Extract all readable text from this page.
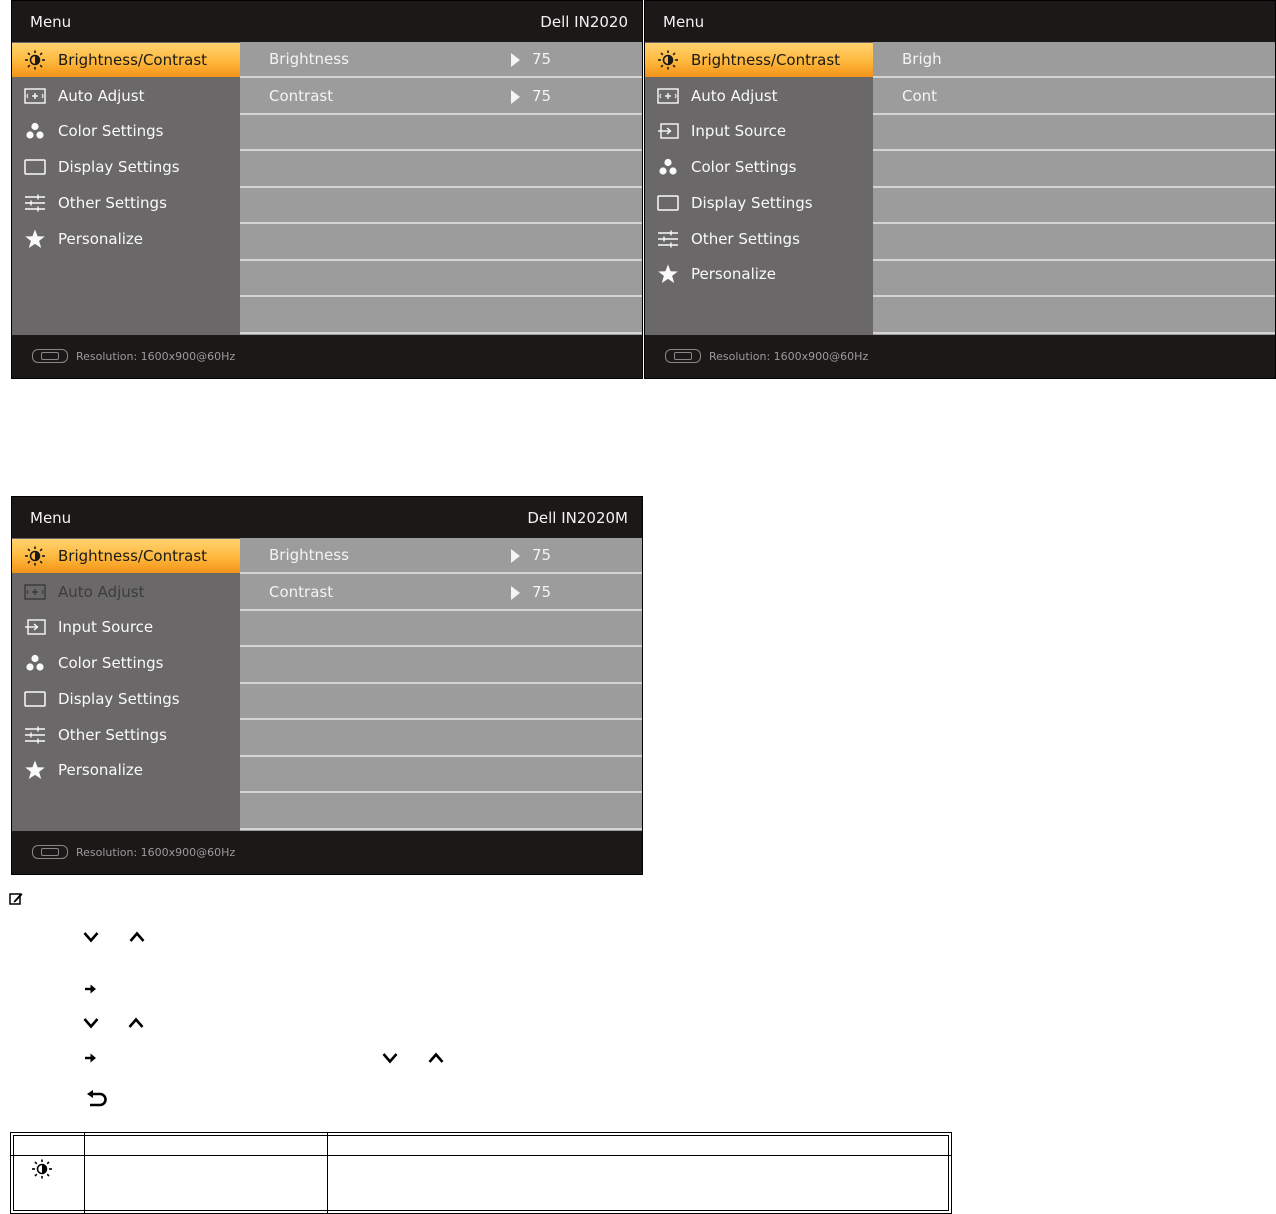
Menu	Dell IN2020
Brightness/Contrast
Auto Adjust
Color Settings
Display Settings
Other Settings
Personalize
Brightness	75
Contrast	75
Resolution: 1600x900@60Hz
Menu
Brightness/Contrast
Auto Adjust
Input Source
Color Settings
Display Settings
Other Settings
Personalize
Brigh
Cont
Resolution: 1600x900@60Hz
Menu	Dell IN2020M
Brightness/Contrast
Auto Adjust
Input Source
Color Settings
Display Settings
Other Settings
Personalize
Brightness	75
Contrast	75
Resolution: 1600x900@60Hz
